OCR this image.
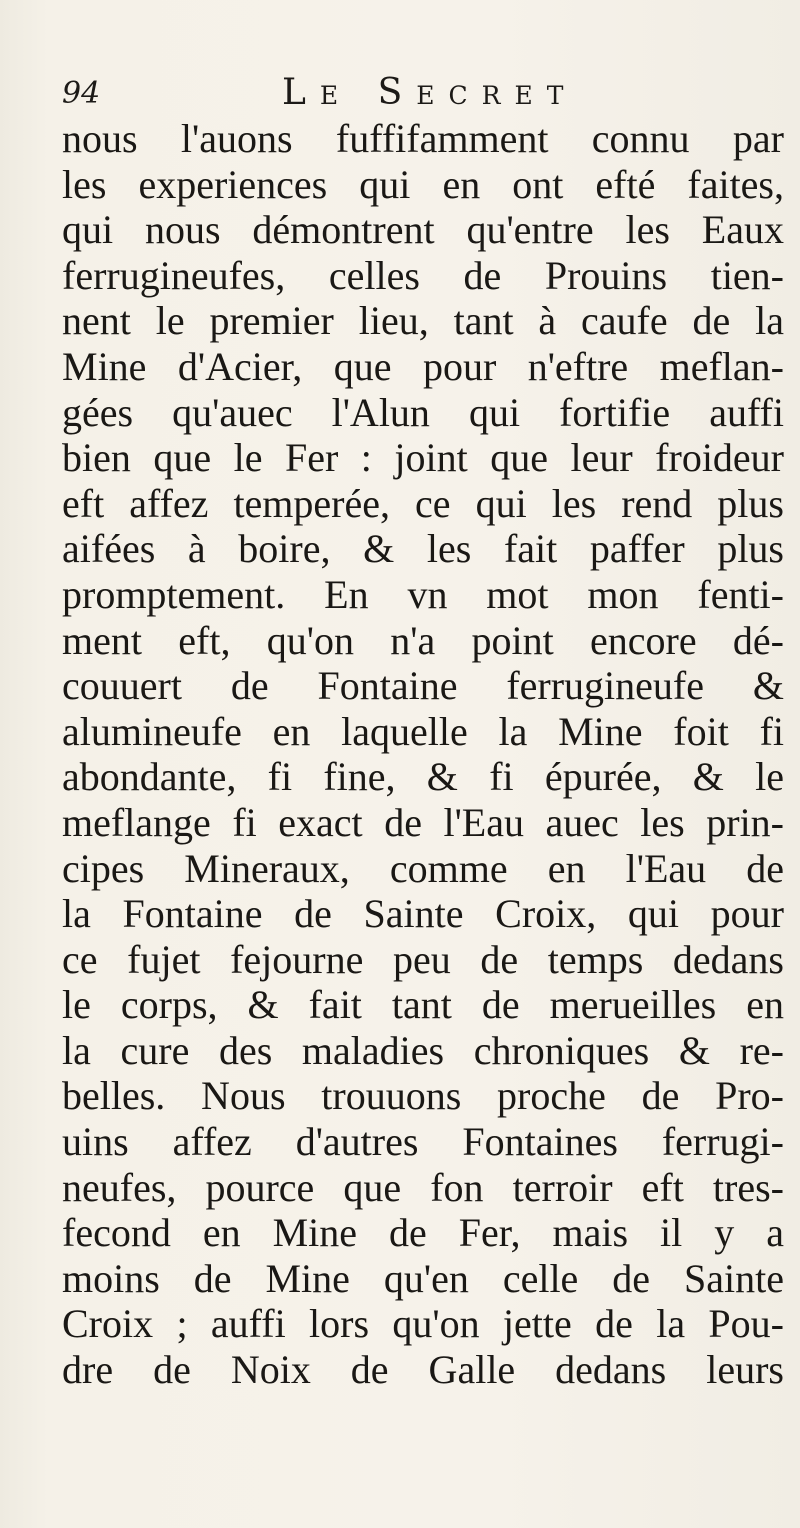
94	Le Secret
nous l'auons fuffifamment connu par
les experiences qui en ont efté faites,
qui nous démontrent qu'entre les Eaux
ferrugineufes, celles de Prouins tien-
nent le premier lieu, tant à caufe de la
Mine d'Acier, que pour n'eftre meflan-
gées qu'auec l'Alun qui fortifie auffi
bien que le Fer : joint que leur froideur
eft affez temperée, ce qui les rend plus
aifées à boire, & les fait paffer plus
promptement. En vn mot mon fenti-
ment eft, qu'on n'a point encore dé-
couuert de Fontaine ferrugineufe &
alumineufe en laquelle la Mine foit fi
abondante, fi fine, & fi épurée, & le
meflange fi exact de l'Eau auec les prin-
cipes Mineraux, comme en l'Eau de
la Fontaine de Sainte Croix, qui pour
ce fujet fejourne peu de temps dedans
le corps, & fait tant de merueilles en
la cure des maladies chroniques & re-
belles. Nous trouuons proche de Pro-
uins affez d'autres Fontaines ferrugi-
neufes, pource que fon terroir eft tres-
fecond en Mine de Fer, mais il y a
moins de Mine qu'en celle de Sainte
Croix ; auffi lors qu'on jette de la Pou-
dre de Noix de Galle dedans leurs
